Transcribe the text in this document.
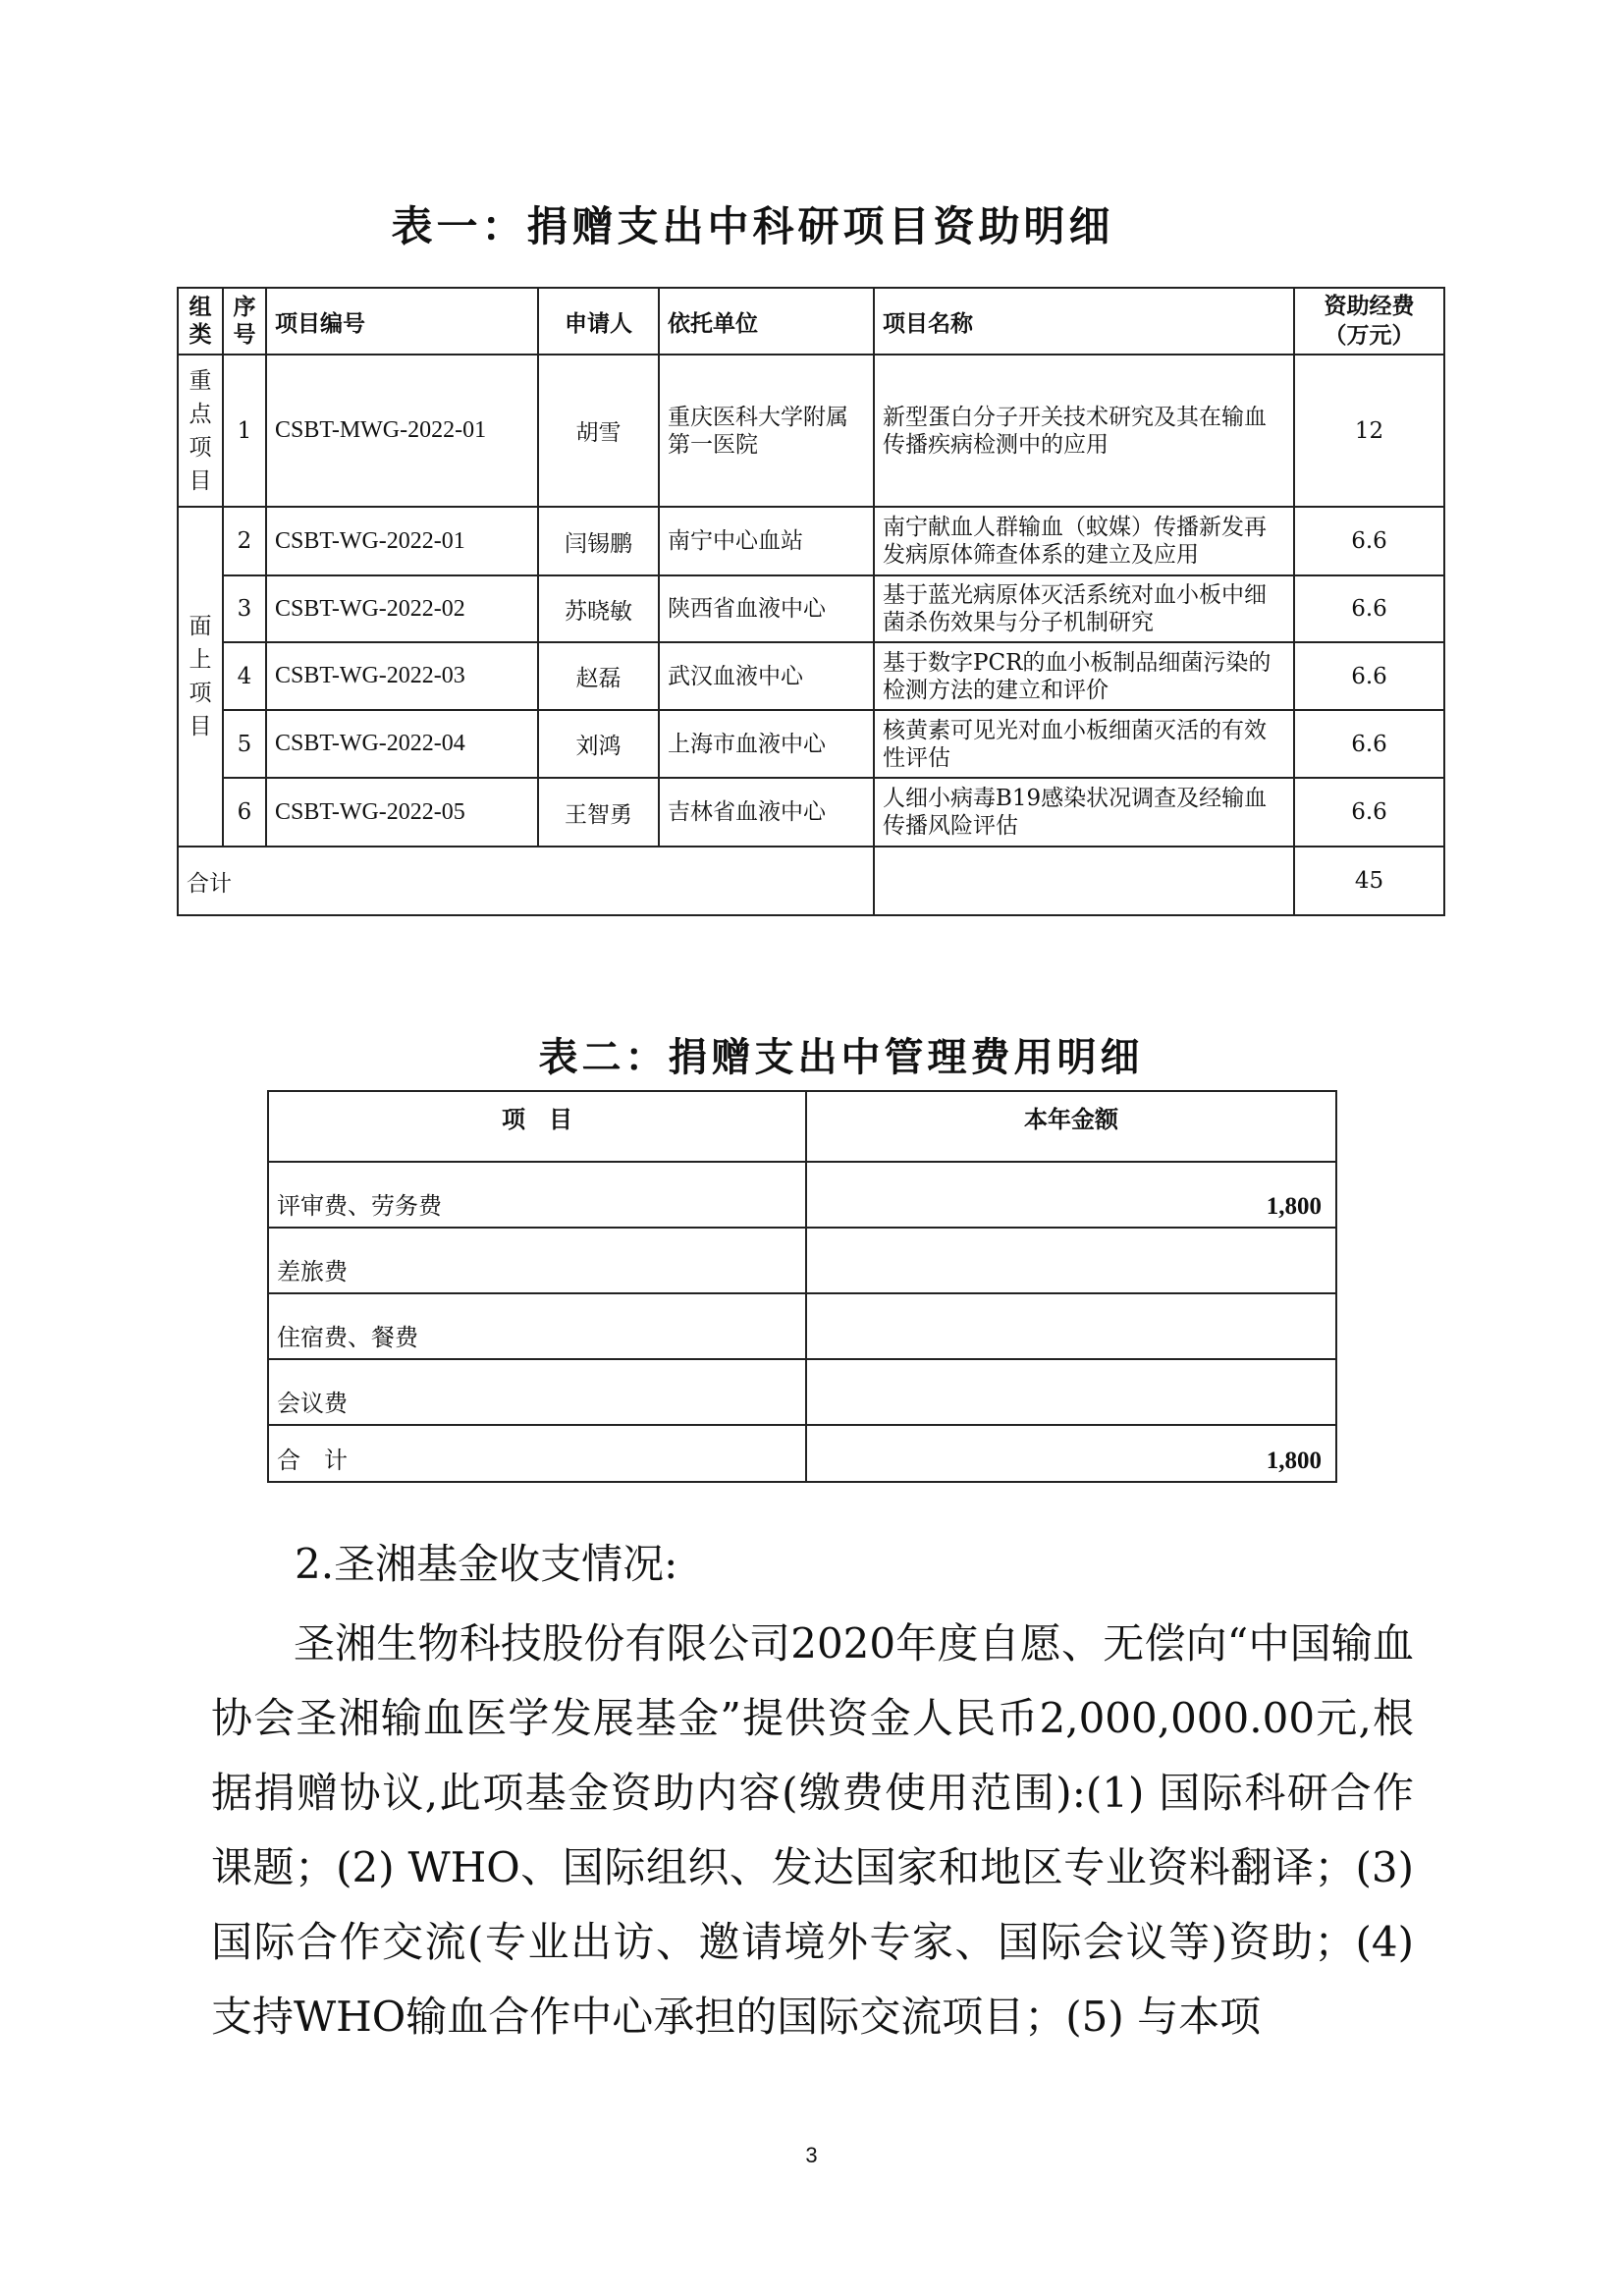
表一：捐赠支出中科研项目资助明细
组类	序号	项目编号	申请人	依托单位	项目名称	资助经费
（万元）

重点项目	1	CSBT-MWG-2022-01	胡雪	重庆医科大学附属第一医院	新型蛋白分子开关技术研究及其在输血传播疾病检测中的应用	12
面上项目	2	CSBT-WG-2022-01	闫锡鹏	南宁中心血站	南宁献血人群输血（蚊媒）传播新发再发病原体筛查体系的建立及应用	6.6
	3	CSBT-WG-2022-02	苏晓敏	陕西省血液中心	基于蓝光病原体灭活系统对血小板中细菌杀伤效果与分子机制研究	6.6
	4	CSBT-WG-2022-03	赵磊	武汉血液中心	基于数字PCR的血小板制品细菌污染的检测方法的建立和评价	6.6
	5	CSBT-WG-2022-04	刘鸿	上海市血液中心	核黄素可见光对血小板细菌灭活的有效性评估	6.6
	6	CSBT-WG-2022-05	王智勇	吉林省血液中心	人细小病毒B19感染状况调查及经输血传播风险评估	6.6
合计						45
表二：捐赠支出中管理费用明细
项　目	本年金额
评审费、劳务费	1,800
差旅费	
住宿费、餐费	
会议费	
合　计	1,800
2.圣湘基金收支情况:
圣湘生物科技股份有限公司2020年度自愿、无偿向“中国输血协会圣湘输血医学发展基金”提供资金人民币2,000,000.00元,根据捐赠协议,此项基金资助内容(缴费使用范围):(1) 国际科研合作课题；(2) WHO、国际组织、发达国家和地区专业资料翻译；(3) 国际合作交流(专业出访、邀请境外专家、国际会议等)资助；(4) 支持WHO输血合作中心承担的国际交流项目；(5) 与本项
3
